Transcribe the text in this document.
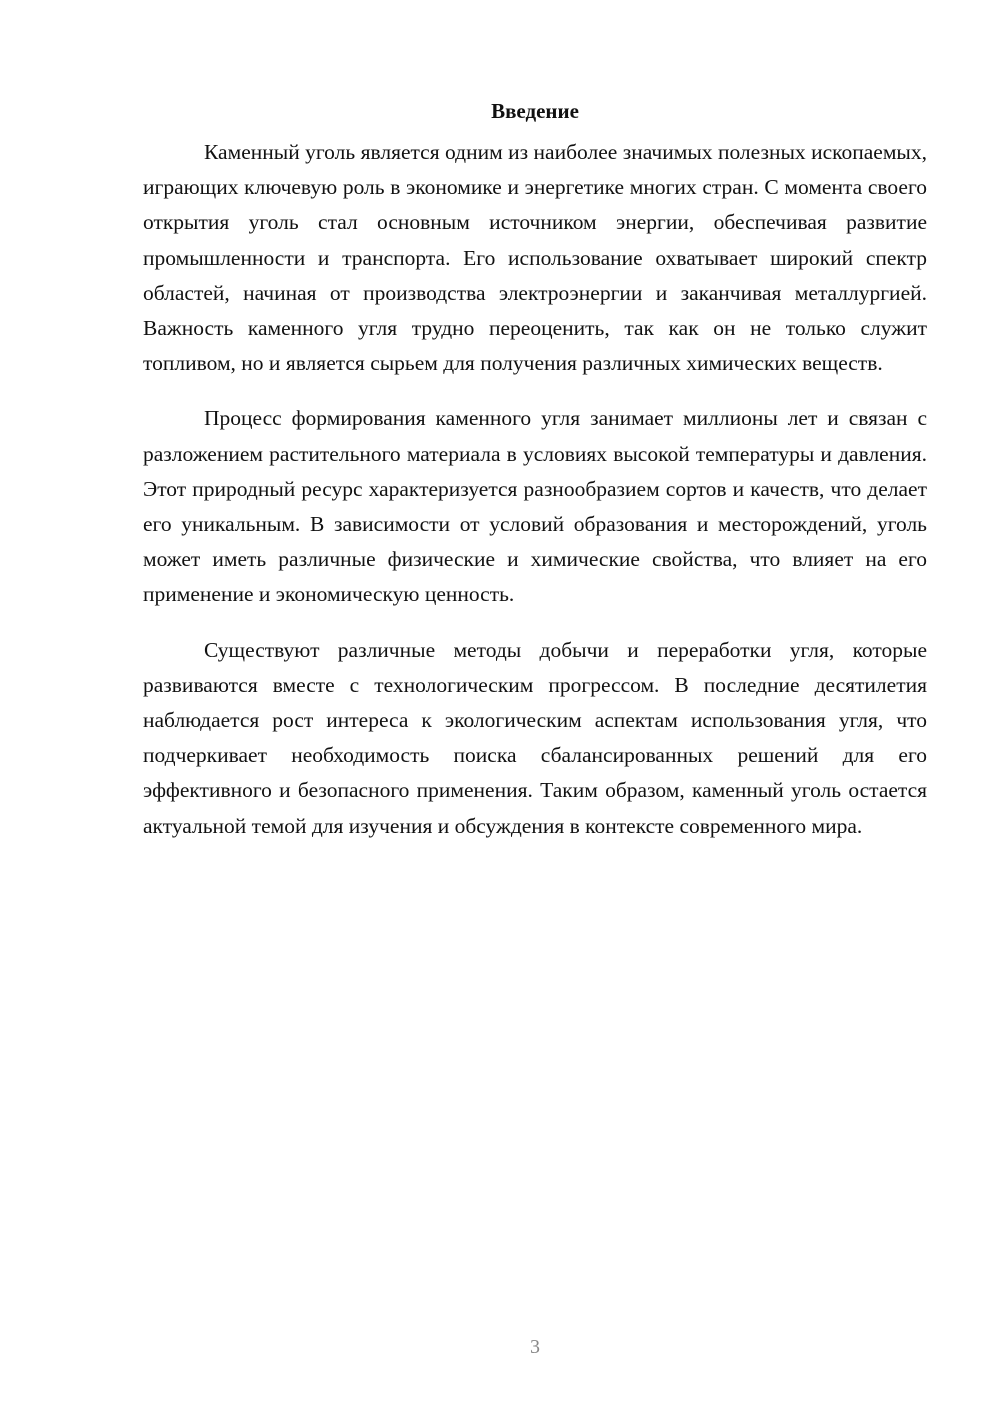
Введение

Каменный уголь является одним из наиболее значимых полезных ископаемых, играющих ключевую роль в экономике и энергетике многих стран. С момента своего открытия уголь стал основным источником энергии, обеспечивая развитие промышленности и транспорта. Его использование охватывает широкий спектр областей, начиная от производства электроэнергии и заканчивая металлургией. Важность каменного угля трудно переоценить, так как он не только служит топливом, но и является сырьем для получения различных химических веществ.

Процесс формирования каменного угля занимает миллионы лет и связан с разложением растительного материала в условиях высокой температуры и давления. Этот природный ресурс характеризуется разнообразием сортов и качеств, что делает его уникальным. В зависимости от условий образования и месторождений, уголь может иметь различные физические и химические свойства, что влияет на его применение и экономическую ценность.

Существуют различные методы добычи и переработки угля, которые развиваются вместе с технологическим прогрессом. В последние десятилетия наблюдается рост интереса к экологическим аспектам использования угля, что подчеркивает необходимость поиска сбалансированных решений для его эффективного и безопасного применения. Таким образом, каменный уголь остается актуальной темой для изучения и обсуждения в контексте современного мира.

3
